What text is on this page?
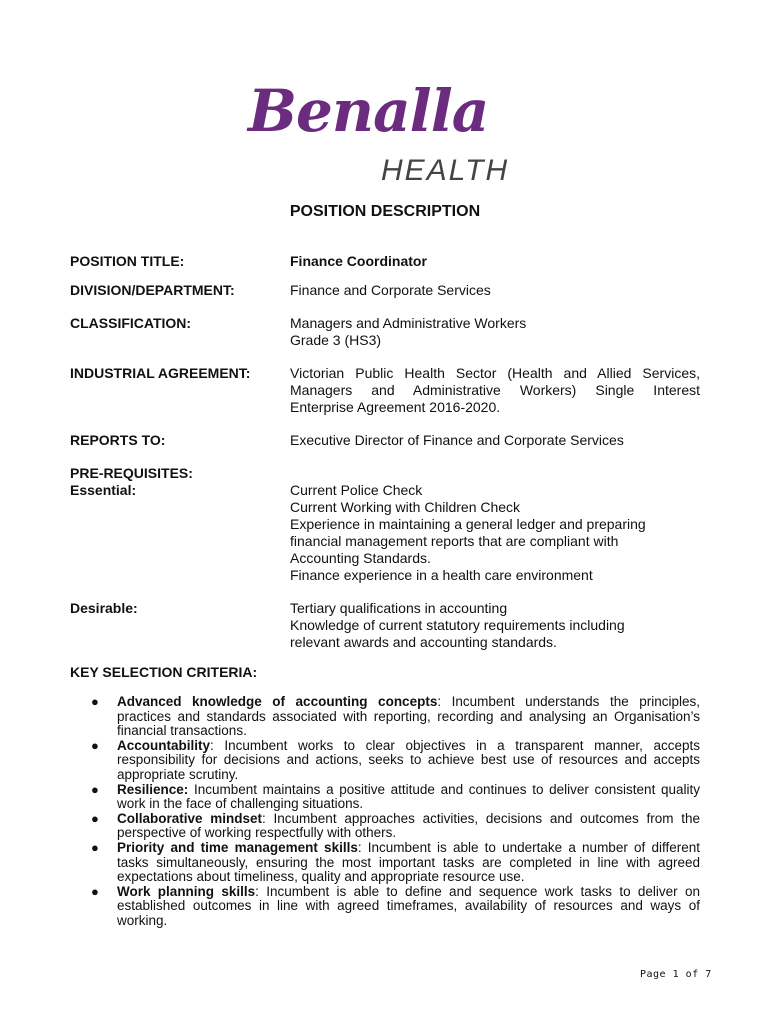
Benalla
HEALTH
POSITION DESCRIPTION
POSITION TITLE:	Finance Coordinator
DIVISION/DEPARTMENT:	Finance and Corporate Services
CLASSIFICATION:	Managers and Administrative Workers
Grade 3 (HS3)
INDUSTRIAL AGREEMENT:	Victorian Public Health Sector (Health and Allied Services,
Managers and Administrative Workers) Single Interest
Enterprise Agreement 2016-2020.
REPORTS TO:	Executive Director of Finance and Corporate Services
PRE-REQUISITES:
Essential:	Current Police Check
Current Working with Children Check
Experience in maintaining a general ledger and preparing
financial management reports that are compliant with
Accounting Standards.
Finance experience in a health care environment
Desirable:	Tertiary qualifications in accounting
Knowledge of current statutory requirements including
relevant awards and accounting standards.
KEY SELECTION CRITERIA:
● Advanced knowledge of accounting concepts: Incumbent understands the principles, practices and standards associated with reporting, recording and analysing an Organisation’s financial transactions.
● Accountability: Incumbent works to clear objectives in a transparent manner, accepts responsibility for decisions and actions, seeks to achieve best use of resources and accepts appropriate scrutiny.
● Resilience: Incumbent maintains a positive attitude and continues to deliver consistent quality work in the face of challenging situations.
● Collaborative mindset: Incumbent approaches activities, decisions and outcomes from the perspective of working respectfully with others.
● Priority and time management skills: Incumbent is able to undertake a number of different tasks simultaneously, ensuring the most important tasks are completed in line with agreed expectations about timeliness, quality and appropriate resource use.
● Work planning skills: Incumbent is able to define and sequence work tasks to deliver on established outcomes in line with agreed timeframes, availability of resources and ways of working.
Page 1 of 7
